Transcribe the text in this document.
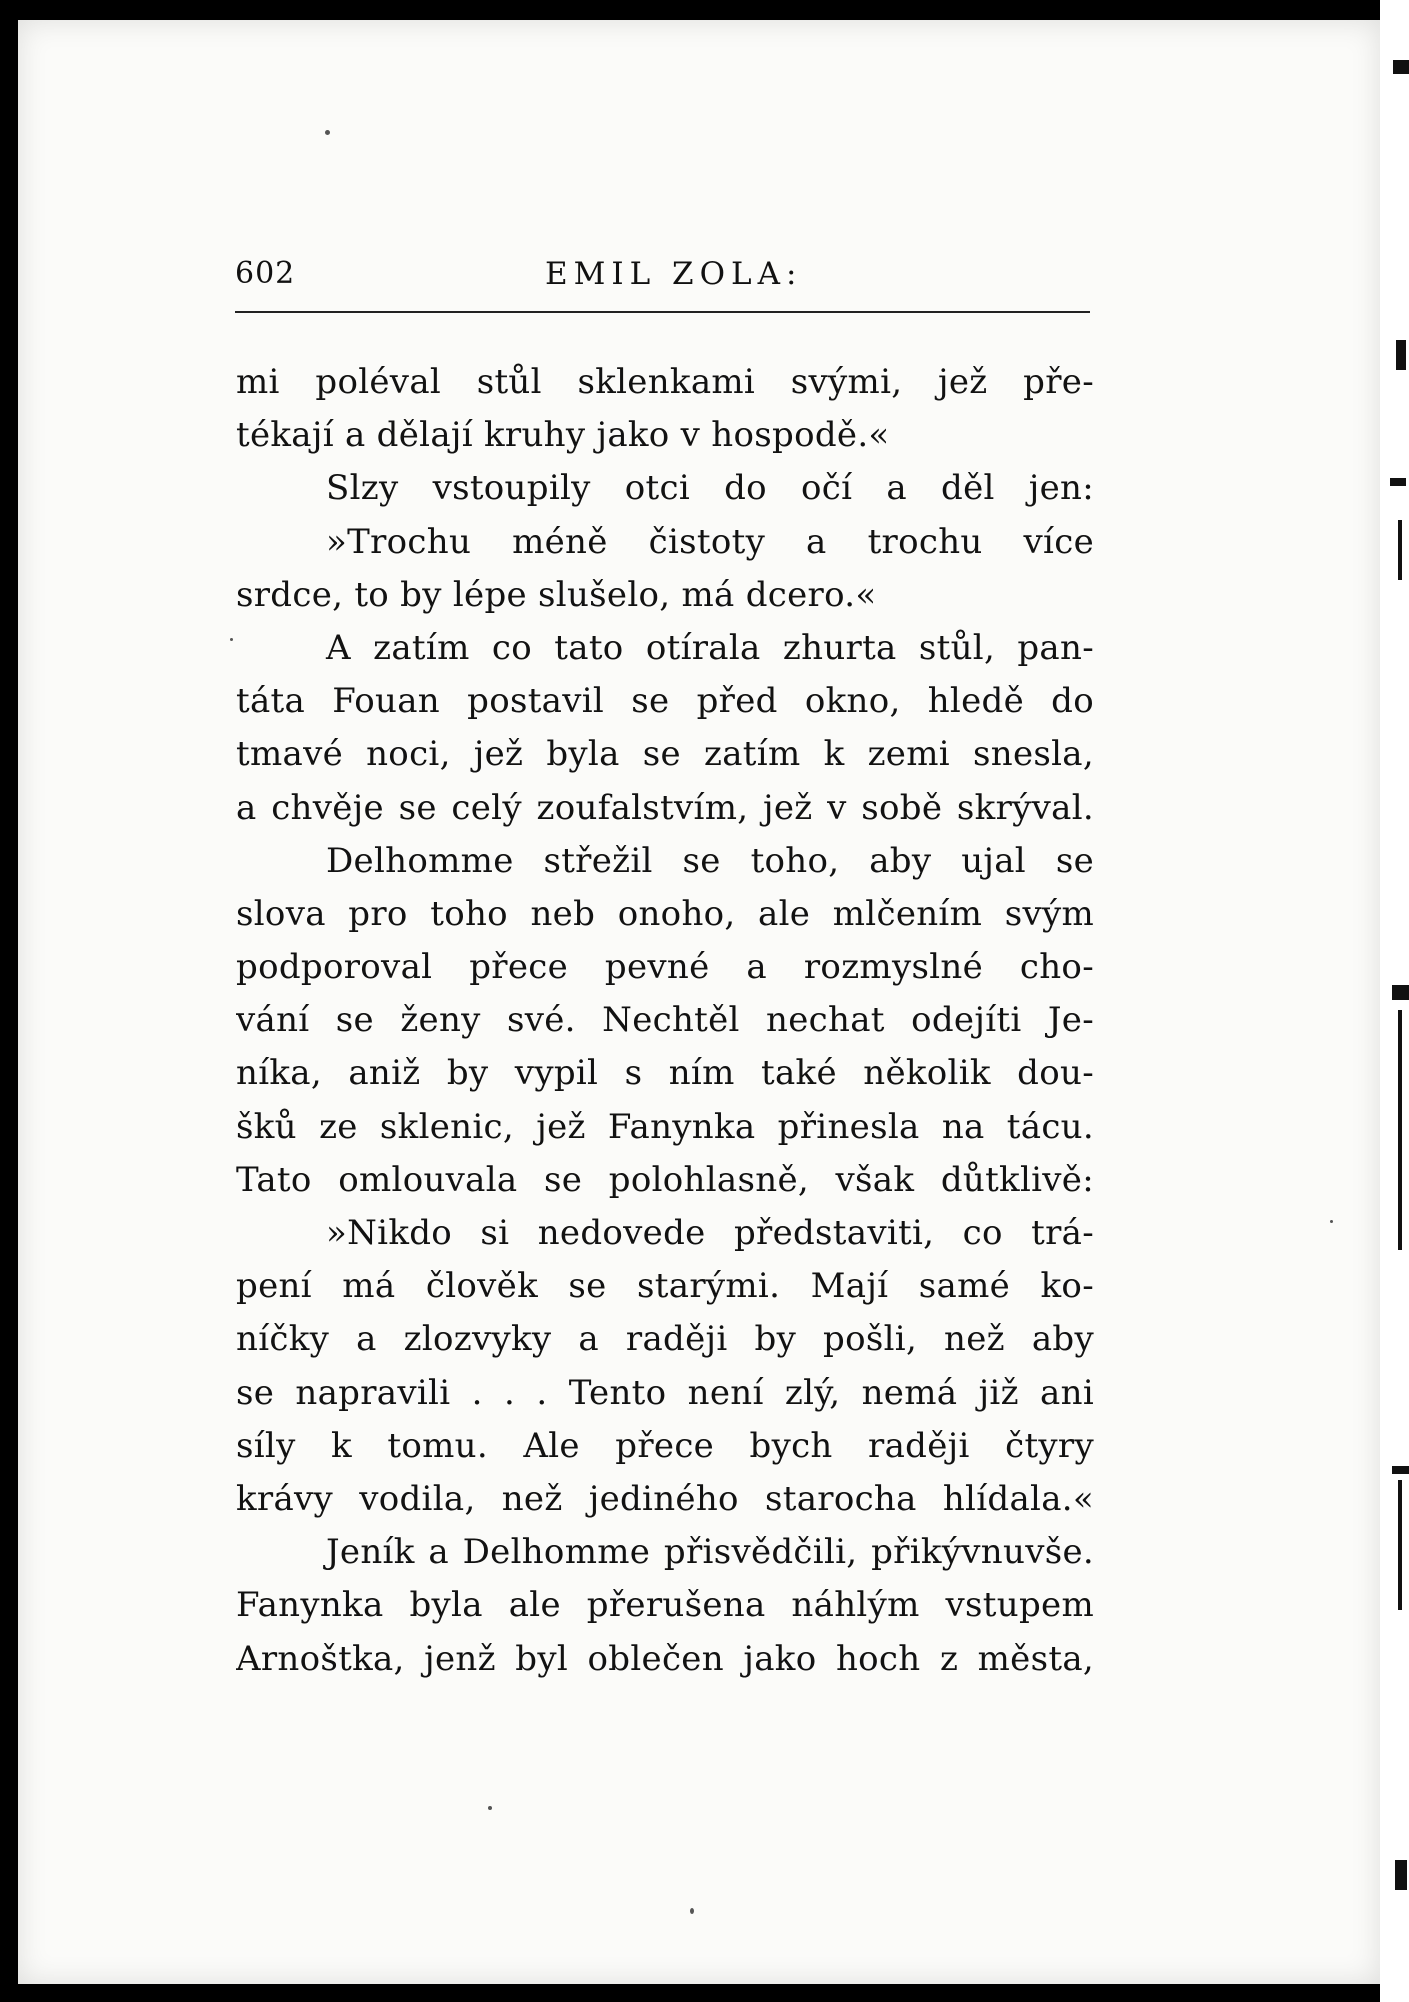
602	EMIL ZOLA:
mi poléval stůl sklenkami svými, jež pře-
tékají a dělají kruhy jako v hospodě.«
Slzy vstoupily otci do očí a děl jen:
»Trochu méně čistoty a trochu více
srdce, to by lépe slušelo, má dcero.«
A zatím co tato otírala zhurta stůl, pan-
táta Fouan postavil se před okno, hledě do
tmavé noci, jež byla se zatím k zemi snesla,
a chvěje se celý zoufalstvím, jež v sobě skrýval.
Delhomme střežil se toho, aby ujal se
slova pro toho neb onoho, ale mlčením svým
podporoval přece pevné a rozmyslné cho-
vání se ženy své. Nechtěl nechat odejíti Je-
níka, aniž by vypil s ním také několik dou-
šků ze sklenic, jež Fanynka přinesla na tácu.
Tato omlouvala se polohlasně, však důtklivě:
»Nikdo si nedovede představiti, co trá-
pení má člověk se starými. Mají samé ko-
níčky a zlozvyky a raději by pošli, než aby
se napravili . . . Tento není zlý, nemá již ani
síly k tomu. Ale přece bych raději čtyry
krávy vodila, než jediného starocha hlídala.«
Jeník a Delhomme přisvědčili, přikývnuvše.
Fanynka byla ale přerušena náhlým vstupem
Arnoštka, jenž byl oblečen jako hoch z města,
